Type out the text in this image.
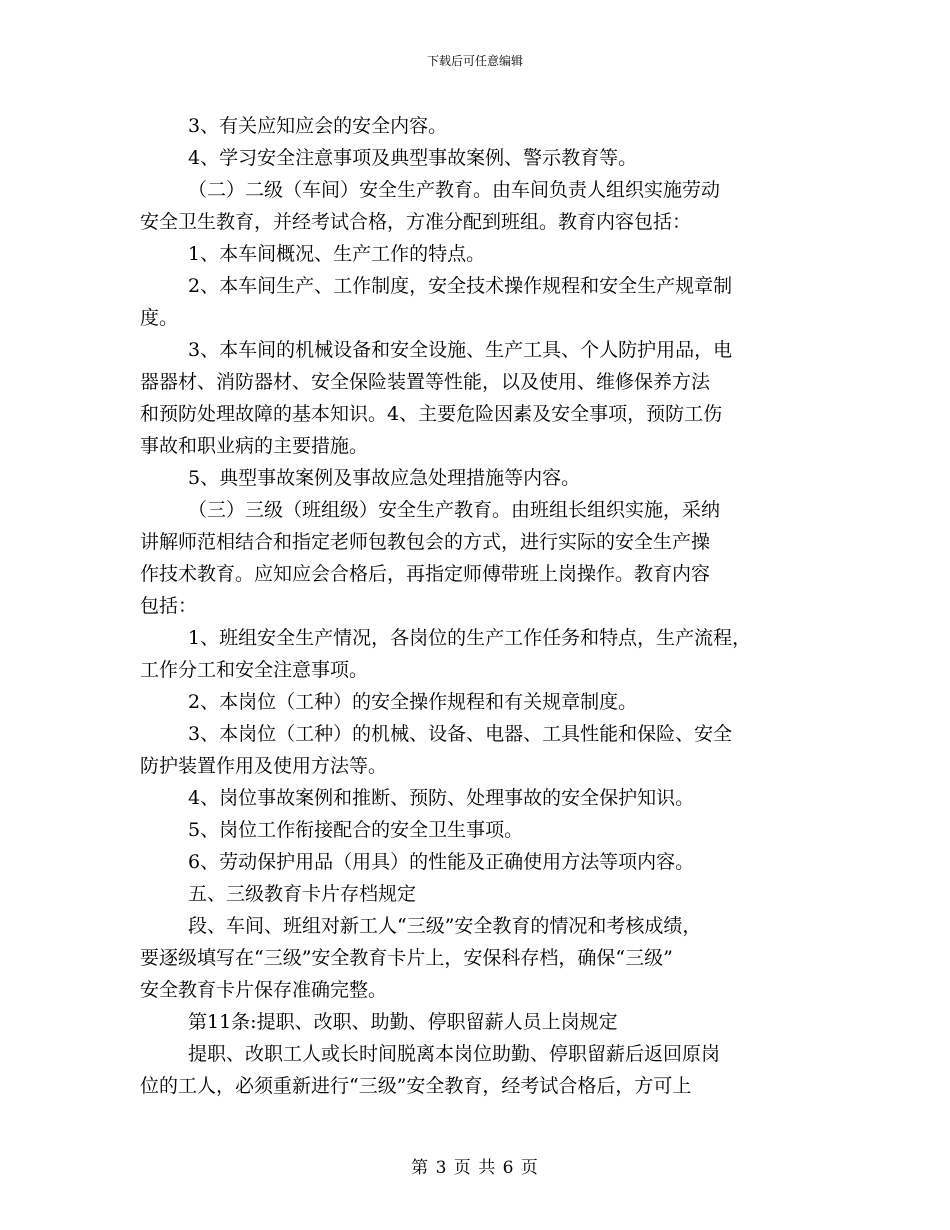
下载后可任意编辑
3、有关应知应会的安全内容。
4、学习安全注意事项及典型事故案例、警示教育等。
（二）二级（车间）安全生产教育。由车间负责人组织实施劳动
安全卫生教育，并经考试合格，方准分配到班组。教育内容包括：
1、本车间概况、生产工作的特点。
2、本车间生产、工作制度，安全技术操作规程和安全生产规章制
度。
3、本车间的机械设备和安全设施、生产工具、个人防护用品，电
器器材、消防器材、安全保险装置等性能，以及使用、维修保养方法
和预防处理故障的基本知识。4、主要危险因素及安全事项，预防工伤
事故和职业病的主要措施。
5、典型事故案例及事故应急处理措施等内容。
（三）三级（班组级）安全生产教育。由班组长组织实施，采纳
讲解师范相结合和指定老师包教包会的方式，进行实际的安全生产操
作技术教育。应知应会合格后，再指定师傅带班上岗操作。教育内容
包括：
1、班组安全生产情况，各岗位的生产工作任务和特点，生产流程，
工作分工和安全注意事项。
2、本岗位（工种）的安全操作规程和有关规章制度。
3、本岗位（工种）的机械、设备、电器、工具性能和保险、安全
防护装置作用及使用方法等。
4、岗位事故案例和推断、预防、处理事故的安全保护知识。
5、岗位工作衔接配合的安全卫生事项。
6、劳动保护用品（用具）的性能及正确使用方法等项内容。
五、三级教育卡片存档规定
段、车间、班组对新工人“三级”安全教育的情况和考核成绩，
要逐级填写在“三级”安全教育卡片上，安保科存档，确保“三级”
安全教育卡片保存准确完整。
第11条:提职、改职、助勤、停职留薪人员上岗规定
提职、改职工人或长时间脱离本岗位助勤、停职留薪后返回原岗
位的工人，必须重新进行“三级”安全教育，经考试合格后，方可上
第 3 页 共 6 页
